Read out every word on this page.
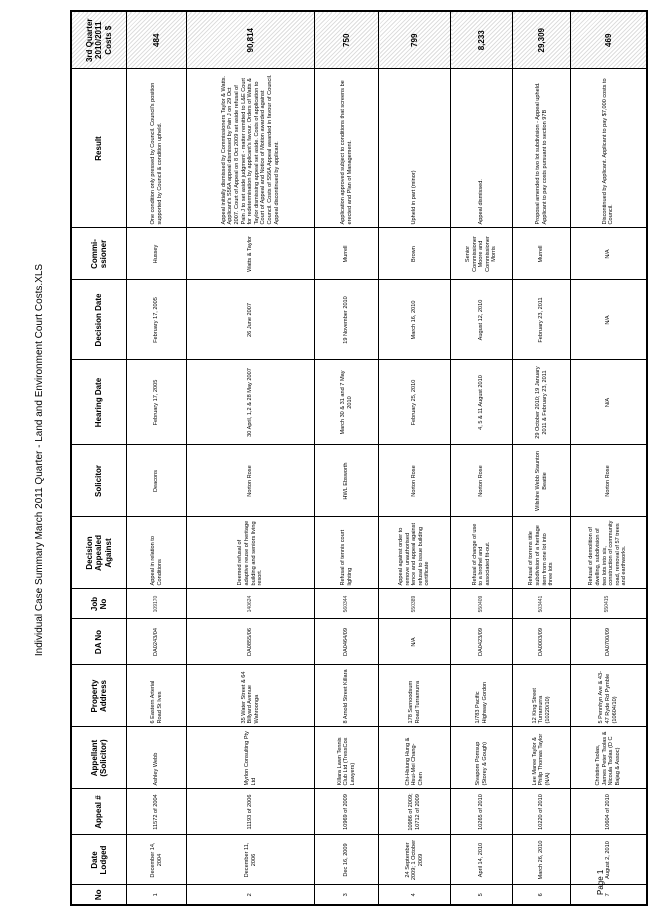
Individual Case Summary March 2011 Quarter - Land and Environment Court Costs.XLS
Page 1
No	Date Lodged	Appeal #	Appellant (Solicitor)	Property Address	DA No	Job No	Decision Appealed Against	Solicitor	Hearing Date	Decision Date	Commi-ssioner	Result	3rd Quarter 2010/2011 Costs $
1	December 14, 2004	11572 of 2004	Ashley Webb	6 Eastern Arterial Road St Ives	DA0243/04	109170	Appeal in relation to Conditions	Deacons	February 17, 2005	February 17, 2005	Hussey	One condition only pressed by Council. Council's position supported by Council & condition upheld.	484
2	December 11, 2006	11193 of 2006	Myrlon Consulting Pty Ltd	35 Water Street & 64 Billyard Avenue Wahroonga	DA0855/06	140624	Deemed refusal of adaptive reuse of heritage building and seniors living resort.	Norton Rose	30 April, 1,2 & 28 May 2007	26 June 2007	Watts & Taylor	Appeal initially dismissed by Commissioners Taylor & Watts. Applicant's S56A appeal dismissed by Pain J on 29 Oct 2007. Court of Appeal on 8 Oct 2009 set aside refusal of Pain J to set aside judgment - matter remitted to L&E Court for redetermination by applicant's favour. Orders of Watts & Taylor dismissing appeal set aside. Costs of application to Court of Appeal and Notice of Motion awarded against Council. Costs of S56A Appeal awarded in favour of Council. Appeal discontinued by applicant.	90,814
3	Dec 16, 2009	10969 of 2009	Killara Lawn Tennis Club Ltd (TressCox Lawyers)	8 Arnold Street Killara	DA0464/09	560344	Refusal of tennis court lighting	HWL Ebsworth	March 30 & 31 and 7 May 2010	19 November 2010	Murrell	Application approved subject to conditions that screens be erected and Plan of Management.	750
4	24 September 2009; 1 October 2009	10986 of 2009; 10712 of 2009	Chi-Hsiung Hung & Hsui-Mei Chang-Chen	178 Sarnoodsum Road Turramurra	N/A	550389	Appeal against order to remove unauthorised fence and appeal against refusal to issue building certificate	Norton Rose	February 25, 2010	March 16, 2010	Brown	Upheld in part (minor)	799
5	April 14, 2010	10265 of 2010	Sivapom Pomsup (Storey & Gough)	1/783 Pacific Highway Gordon	DA0423/09	550409	Refusal of change of use to a brothel and associated fit-out.	Norton Rose	4, 5 & 11 August 2010	August 12, 2010	Senior Commissioner Moore and Commissioner Morris	Appeal dismissed.	8,233
6	March 26, 2010	10220 of 2010	Lee Maree Taylor & Philip Thomas Taylor (N/A)	12 King Street Turramurra (10220/10)	DA0003/09	503441	Refusal of torrens title subdivision of a heritage item from one lot into three lots	Wilshire Webb Staunton Beattie	29 October 2010; 19 January 2011 & February 23, 2011	February 23, 2011	Murrell	Proposal amended to two lot subdivision - Appeal upheld. Applicant to pay costs pursuant to section 97B	29,309
7	August 2, 2010	10604 of 2010	Christine Tsolas, James Peter Tsolas & Nicoula Tsolas (D C Bajag & Assoc)	5 Pennhyn Ave & 43-47 Ryde Rd Pymble (10604/10)	DA0700/09	550415	Refusal of demolition of dwelling, subdivision of two lots into six, construction of community road, removal of 57 trees and earthworks.	Norton Rose	N/A	N/A	N/A	Discontinued by Applicant. Applicant to pay $7,000 costs to Council.	469
